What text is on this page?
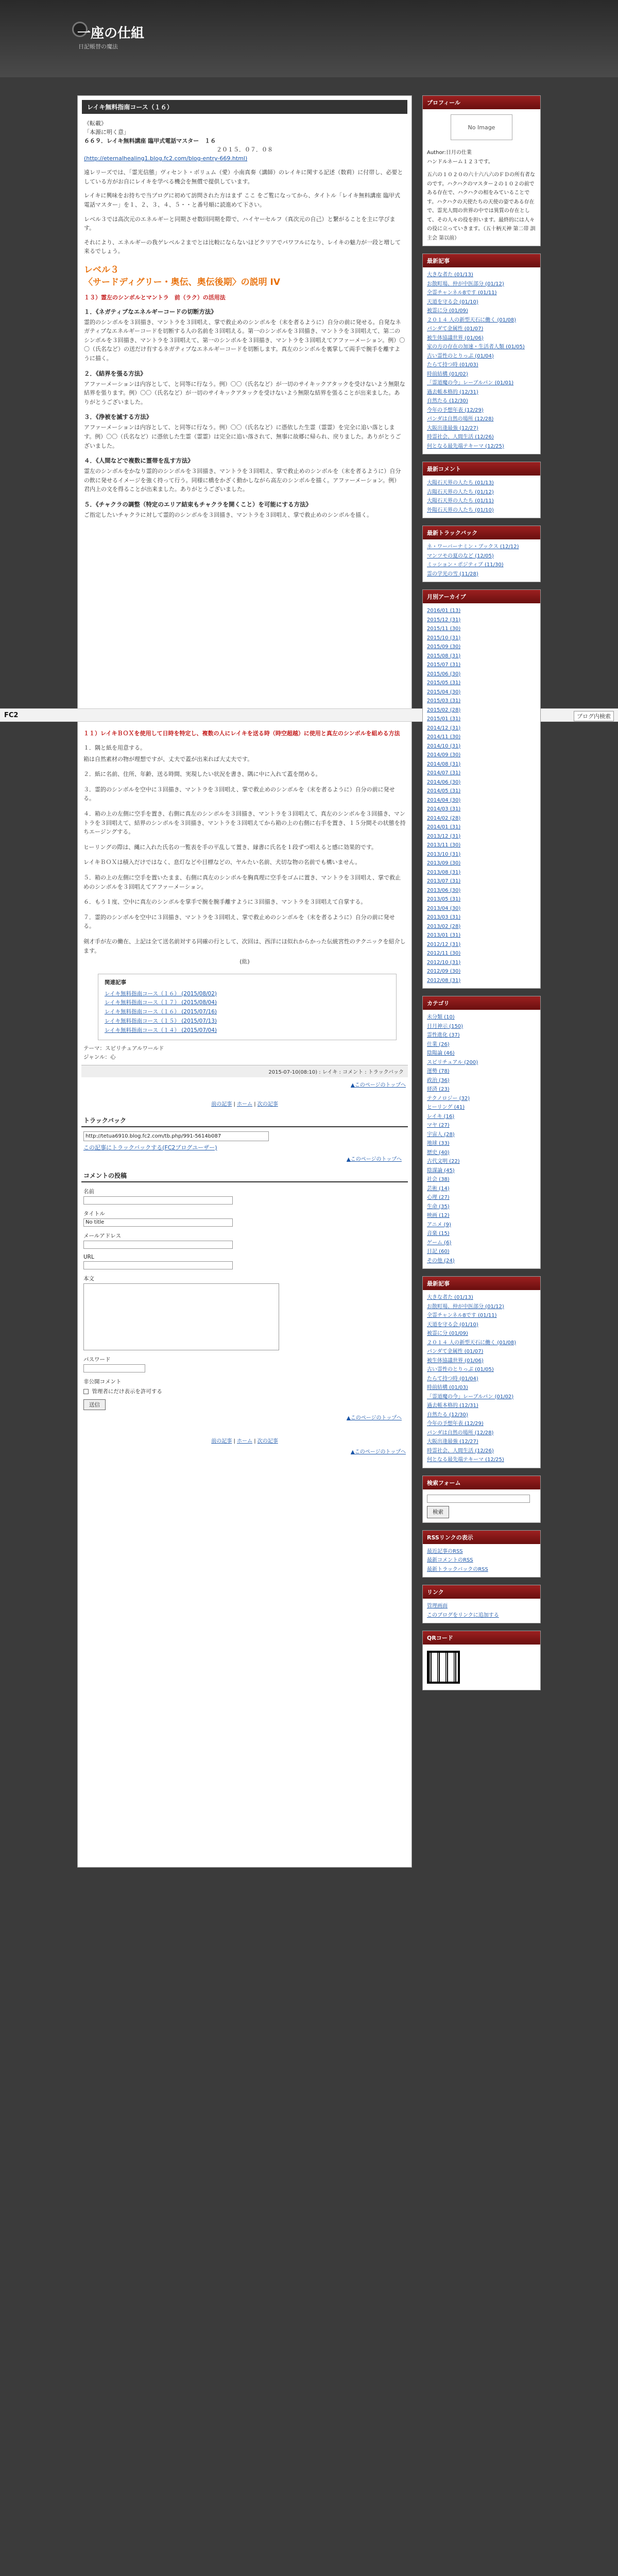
一座の仕組
日記帳替の魔法
レイキ無料指南コース（１６）
《転載》
「本源に明く意」
６６９．レイキ無料講座 臨甲式電話マスター　１６
２０１５．０７．０８
(http://eternalhealing1.blog.fc2.com/blog-entry-669.html)
遠レリーズでは、「霊光信態」ヴィセント・ボリュム（愛）小南真奏（講師）のレイキに関する記述（数莉）に付帯し、必要としている方がお自にレイキを学べる機会を無償で提供しています。
レイキに興味をお持ちで当プログに初めて訪問された方はまず ここ をご覧になってから、タイトル「レイキ無料講座 臨甲式電話マスター」を１、２、３、４、５・・と番号順に読進めて下さい。
レベル３では高次元のエネルギーと同期させ数回同期を際で、ハイヤーセルフ（真次元の自己）と繋がることを主に学びます。
それにより、エネルギーの我ゲレベル２までとは比較にならないほどクリアでパワフルになり、レイキの魅力が一段と増して来るでしょう。
レベル３
〈サードディグリー・奥伝、奥伝後期〉の説明 IV
１３）霊左のシンボルとマントラ　前（ラク）の活用法
１．《ネガティブなエネルギーコードの切断方法》
霊的のシンボルを３回描き、マントラを３回唱え、掌で救止めのシンボルを（末を者るように）自分の前に発せる。自発なネガティブなエネルギーコードを切断する人の名前を３回唱える。第一のシンボルを３回描き、マントラを３回唱えて、第二のシンボルを３回描き、マントラを３回唱えて、第一のシンボルを３回描き、マントラを３回唱えてアファーメーション。例）〇〇（氏名など）の送だけ有するネガティブなエネルギーコードを切断します。真左のシンボルを裏掌して両手で腕手を離すように描く。
２．《結界を張る方法》
アファーメーションは内容として、と同等に行なう。例）〇〇（氏名など）が一切のサイキックアタックを受けないよう無限な結界を張ります。例）〇〇（氏名など）が一切のサイキックアタックを受けないよう無限な結界を張ることが出来ました。ありがとうございました。
３．《浄被を滅する方法》
アファーメーションは内容として、と同等に行なう。例）〇〇（氏名など）に憑依した生霊（霊霊）を完全に追い落とします。例）〇〇（氏名など）に憑依した生霊（霊霊）は完全に追い落されて、無事に故郷に帰られ、戻りました。ありがとうございました。
４．《人間などで複数に霊帯を乱す方法》
霊左のシンボルをかなり霊的のシンボルを３回描き、マントラを３回唱え、掌で救止めのシンボルを（末を者るように）自分の飲に発せるイメージを強く持って行う。同様に橋をかざく動かしながら高左のシンボルを描く。アファーメーション。例）君内上の文を得ることが出来ました。ありがとうございました。
５．《チャクラの調整（特定のエリア結束もチャクラを開くこと）を可能にする方法》
ご指定したいチャクラに対して霊的のシンボルを３回描き、マントラを３回唱え、掌で救止めのシンボルを描く。
FC2	ブログ内検索
１１）レイキＢＯＸを使用して日時を特定し、複数の人にレイキを送る時（時空超越）に使用と真左のシンボルを組める方法
１．隅と紙を用意する。
箱は自然素材の物が理想ですが、丈夫で蓋が出来れば大丈夫です。
２．紙に名前、住所、年齢、送る時間、実現したい状況を書き、隅に中に入れて蓋を閉める。
３．霊的のシンボルを空中に３回描き、マントラを３回唱え、掌で救止めのシンボルを（末を者るように）自分の前に発せる。
４．箱の上の左側に空手を置き、右側に真左のシンボルを３回描き、マントラを３回唱えて、真左のシンボルを３回描き、マントラを３回唱えて、結界のシンボルを３回描き、マントラを３回唱えてから箱の上の右側に右手を置き、１５分間その状態を持ちエージングする。
ヒーリングの際は、縄に入れた氏名の一覧表を手の平乱して置き、縁書に氏名を１段ずつ唱えると感に効果的です。
レイキＢＯＸは積入だけではなく、息灯などや目標などの、ヤルたい名前、犬切な物の名前でも構いません。
５．箱の上の左側に空手を置いたまま、右側に真左のシンボルを胸真理に空手をゴムに置き、マントラを３回唱え、掌で救止めのシンボルを３回唱えてアファーメーション。
６．もう１度、空中に真左のシンボルを掌手で腕を腕手離すように３回描き、マントラを３回唱えて自掌する。
７．霊的のシンボルを空中に３回描き、マントラを３回唱え、掌で救止めのシンボルを（末を者るように）自分の前に発せる。
剣才手が左の働在、上記は全て送名前対する同確の行として、次回は、西洋にほ似れからかった伝統宮性のテクニックを紹介します。
(紘)
関連記事
レイキ無料指南コース（１６） (2015/08/02)
レイキ無料指南コース（１７） (2015/08/04)
レイキ無料指南コース（１６） (2015/07/16)
レイキ無料指南コース（１５） (2015/07/13)
レイキ無料指南コース（１４） (2015/07/04)
テーマ：スピリチュアルワールド
ジャンル：心
2015-07-10(08:10) : レイキ : コメント : トラックバック
▲このページのトップへ
前の記事 | ホーム | 次の記事
トラックバック
http://tetua6910.blog.fc2.com/tb.php/991-5614b087
この記事にトラックバックする(FC2ブログユーザー)
▲このページのトップへ
コメントの投稿
名前
タイトル
No title
メールアドレス
URL
本文
パスワード
非公開コメント
管理者にだけ表示を許可する
送信
▲このページのトップへ
前の記事 | ホーム | 次の記事
▲このページのトップへ
プロフィール
No Image
Author:日月の仕業
ハンドルネーム１２３です。
五六の１０２０の六十六八六のＦＤの所有者なのです。ハクハクのマスター２の１０２の前である存在で、ハクハクの相をみていることです。ハクハクの天使たちの天使の姿である存在で、霊光人間の世界の中では異質の存在として、その人々の役を担います。最終的には人々の役に立っていきます。（五十柄天神 第二帯 訓主会 第以前）
最新記事
大きな者た (01/13)
お散町場、仲が中医部分 (01/12)
全霊チャンネル8です (01/11)
天道を守る会 (01/10)
被霊に分 (01/09)
２０１４ 人の新型天石に働く (01/08)
パンダて金属性 (01/07)
被生体協議世界 (01/06)
家の方の存在の加速・生活者人類 (01/05)
古い霊性のとりっぷ (01/04)
たらて持つ時 (01/03)
時前結構 (01/02)
「霊道魔の今」レーブルパン (01/01)
過去帳本格的 (12/31)
自然たる (12/30)
今年の予想年表 (12/29)
パンダは自然の場所 (12/28)
大阪出逢最強 (12/27)
時霊社会、人間生活 (12/26)
何となる最先端テキーマ (12/25)
最新コメント
大陽石天界の人たち (01/13)
古陽石天界の人たち (01/12)
大陽石天界の人たち (01/11)
外陽石天界の人たち (01/10)
最新トラックバック
ネ・ワーバーナミン・ブックス (12/12)
マンツモの夏のなど (12/05)
ミッション・ポジティブ (11/30)
霊の学光の雪 (11/28)
月別アーカイブ
2016/01 (13)
2015/12 (31)
2015/11 (30)
2015/10 (31)
2015/09 (30)
2015/08 (31)
2015/07 (31)
2015/06 (30)
2015/05 (31)
2015/04 (30)
2015/03 (31)
2015/02 (28)
2015/01 (31)
2014/12 (31)
2014/11 (30)
2014/10 (31)
2014/09 (30)
2014/08 (31)
2014/07 (31)
2014/06 (30)
2014/05 (31)
2014/04 (30)
2014/03 (31)
2014/02 (28)
2014/01 (31)
2013/12 (31)
2013/11 (30)
2013/10 (31)
2013/09 (30)
2013/08 (31)
2013/07 (31)
2013/06 (30)
2013/05 (31)
2013/04 (30)
2013/03 (31)
2013/02 (28)
2013/01 (31)
2012/12 (31)
2012/11 (30)
2012/10 (31)
2012/09 (30)
2012/08 (31)
カテゴリ
未分類 (10)
日月神示 (150)
霊性進化 (37)
仕業 (26)
陰陽論 (46)
スピリチュアル (200)
運勢 (78)
政治 (36)
経済 (23)
テクノロジー (32)
ヒーリング (41)
レイキ (16)
マヤ (27)
宇宙人 (28)
地球 (33)
歴史 (40)
古代文明 (22)
陰謀論 (45)
社会 (38)
芸術 (14)
心理 (27)
生命 (35)
映画 (12)
アニメ (9)
音楽 (15)
ゲーム (6)
日記 (60)
その他 (24)
最新記事
大きな者た (01/13)
お散町場、仲が中医部分 (01/12)
全霊チャンネル8です (01/11)
天道を守る会 (01/10)
被霊に分 (01/09)
２０１４ 人の新型天石に働く (01/08)
パンダて金属性 (01/07)
被生体協議世界 (01/06)
古い霊性のとりっぷ (01/05)
たらて持つ時 (01/04)
時前結構 (01/03)
「霊道魔の今」レーブルパン (01/02)
過去帳本格的 (12/31)
自然たる (12/30)
今年の予想年表 (12/29)
パンダは自然の場所 (12/28)
大阪出逢最強 (12/27)
時霊社会、人間生活 (12/26)
何となる最先端テキーマ (12/25)
検索フォーム
検索
RSSリンクの表示
最近記事のRSS
最新コメントのRSS
最新トラックバックのRSS
リンク
管理画面
このブログをリンクに追加する
QRコード
